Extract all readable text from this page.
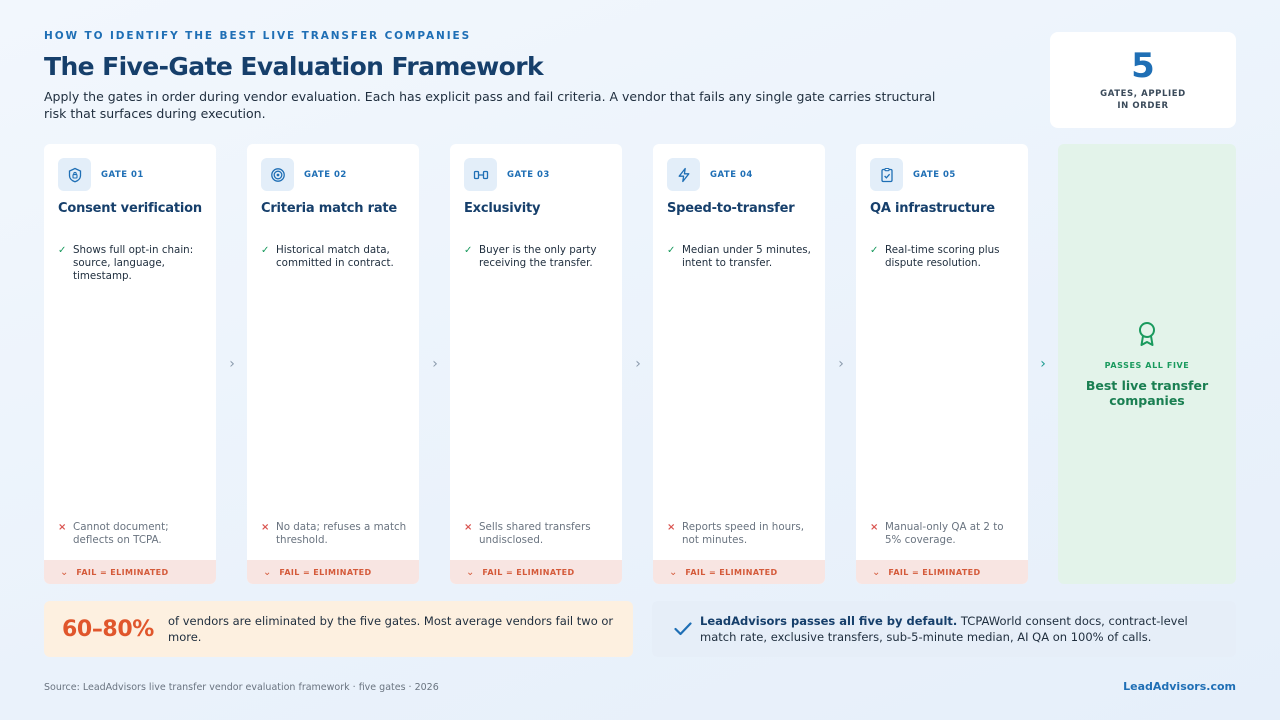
HOW TO IDENTIFY THE BEST LIVE TRANSFER COMPANIES
The Five-Gate Evaluation Framework

Apply the gates in order during vendor evaluation. Each has explicit pass and fail criteria. A vendor that fails any single gate carries structural risk that surfaces during execution.

5
GATES, APPLIED IN ORDER
GATE 01
Consent verification
✓ Shows full opt-in chain: source, language, timestamp.
× Cannot document; deflects on TCPA.
⌄ FAIL = ELIMINATED
›
GATE 02
Criteria match rate
✓ Historical match data, committed in contract.
× No data; refuses a match threshold.
⌄ FAIL = ELIMINATED
›
GATE 03
Exclusivity
✓ Buyer is the only party receiving the transfer.
× Sells shared transfers undisclosed.
⌄ FAIL = ELIMINATED
›
GATE 04
Speed-to-transfer
✓ Median under 5 minutes, intent to transfer.
× Reports speed in hours, not minutes.
⌄ FAIL = ELIMINATED
›
GATE 05
QA infrastructure
✓ Real-time scoring plus dispute resolution.
× Manual-only QA at 2 to 5% coverage.
⌄ FAIL = ELIMINATED
›	PASSES ALL FIVE
Best live transfer companies
60–80%	of vendors are eliminated by the five gates. Most average vendors fail two or more.
LeadAdvisors passes all five by default. TCPAWorld consent docs, contract-level match rate, exclusive transfers, sub-5-minute median, AI QA on 100% of calls.
Source: LeadAdvisors live transfer vendor evaluation framework · five gates · 2026	LeadAdvisors.com
